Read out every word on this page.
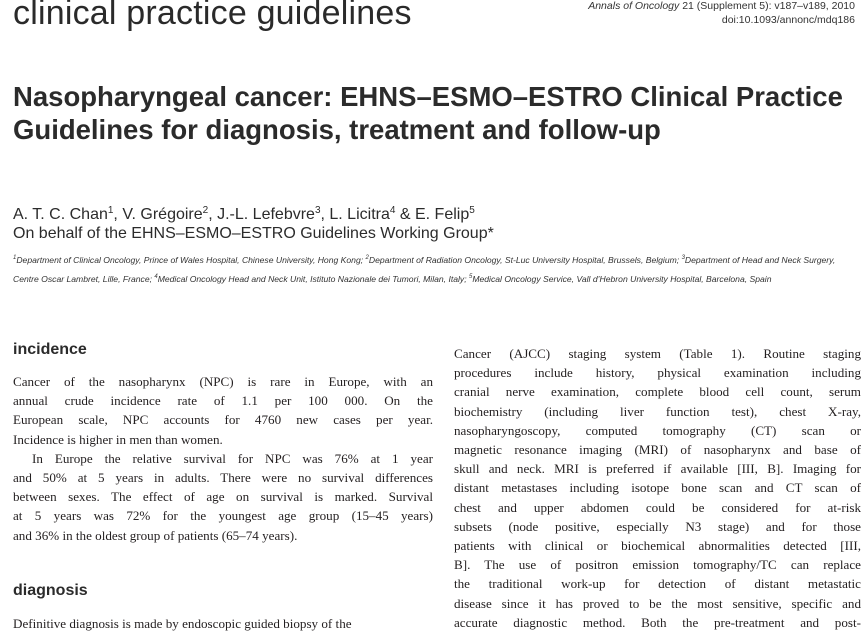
clinical practice guidelines	Annals of Oncology 21 (Supplement 5): v187–v189, 2010
doi:10.1093/annonc/mdq186
Nasopharyngeal cancer: EHNS–ESMO–ESTRO Clinical Practice Guidelines for diagnosis, treatment and follow-up
A. T. C. Chan$^1$, V. Grégoire$^2$, J.-L. Lefebvre$^3$, L. Licitra$^4$ & E. Felip$^5$
On behalf of the EHNS–ESMO–ESTRO Guidelines Working Group*

$^1$Department of Clinical Oncology, Prince of Wales Hospital, Chinese University, Hong Kong; $^2$Department of Radiation Oncology, St-Luc University Hospital, Brussels, Belgium; $^3$Department of Head and Neck Surgery, Centre Oscar Lambret, Lille, France; $^4$Medical Oncology Head and Neck Unit, Istituto Nazionale dei Tumori, Milan, Italy; $^5$Medical Oncology Service, Vall d’Hebron University Hospital, Barcelona, Spain

incidence
Cancer of the nasopharynx (NPC) is rare in Europe, with an
annual crude incidence rate of 1.1 per 100 000. On the
European scale, NPC accounts for 4760 new cases per year.
Incidence is higher in men than women.
In Europe the relative survival for NPC was 76% at 1 year
and 50% at 5 years in adults. There were no survival differences
between sexes. The effect of age on survival is marked. Survival
at 5 years was 72% for the youngest age group (15–45 years)
and 36% in the oldest group of patients (65–74 years).
diagnosis
Definitive diagnosis is made by endoscopic guided biopsy of the
Cancer (AJCC) staging system (Table 1). Routine staging
procedures include history, physical examination including
cranial nerve examination, complete blood cell count, serum
biochemistry (including liver function test), chest X-ray,
nasopharyngoscopy, computed tomography (CT) scan or
magnetic resonance imaging (MRI) of nasopharynx and base of
skull and neck. MRI is preferred if available [III, B]. Imaging for
distant metastases including isotope bone scan and CT scan of
chest and upper abdomen could be considered for at-risk
subsets (node positive, especially N3 stage) and for those
patients with clinical or biochemical abnormalities detected [III,
B]. The use of positron emission tomography/TC can replace
the traditional work-up for detection of distant metastatic
disease since it has proved to be the most sensitive, specific and
accurate diagnostic method. Both the pre-treatment and post-
